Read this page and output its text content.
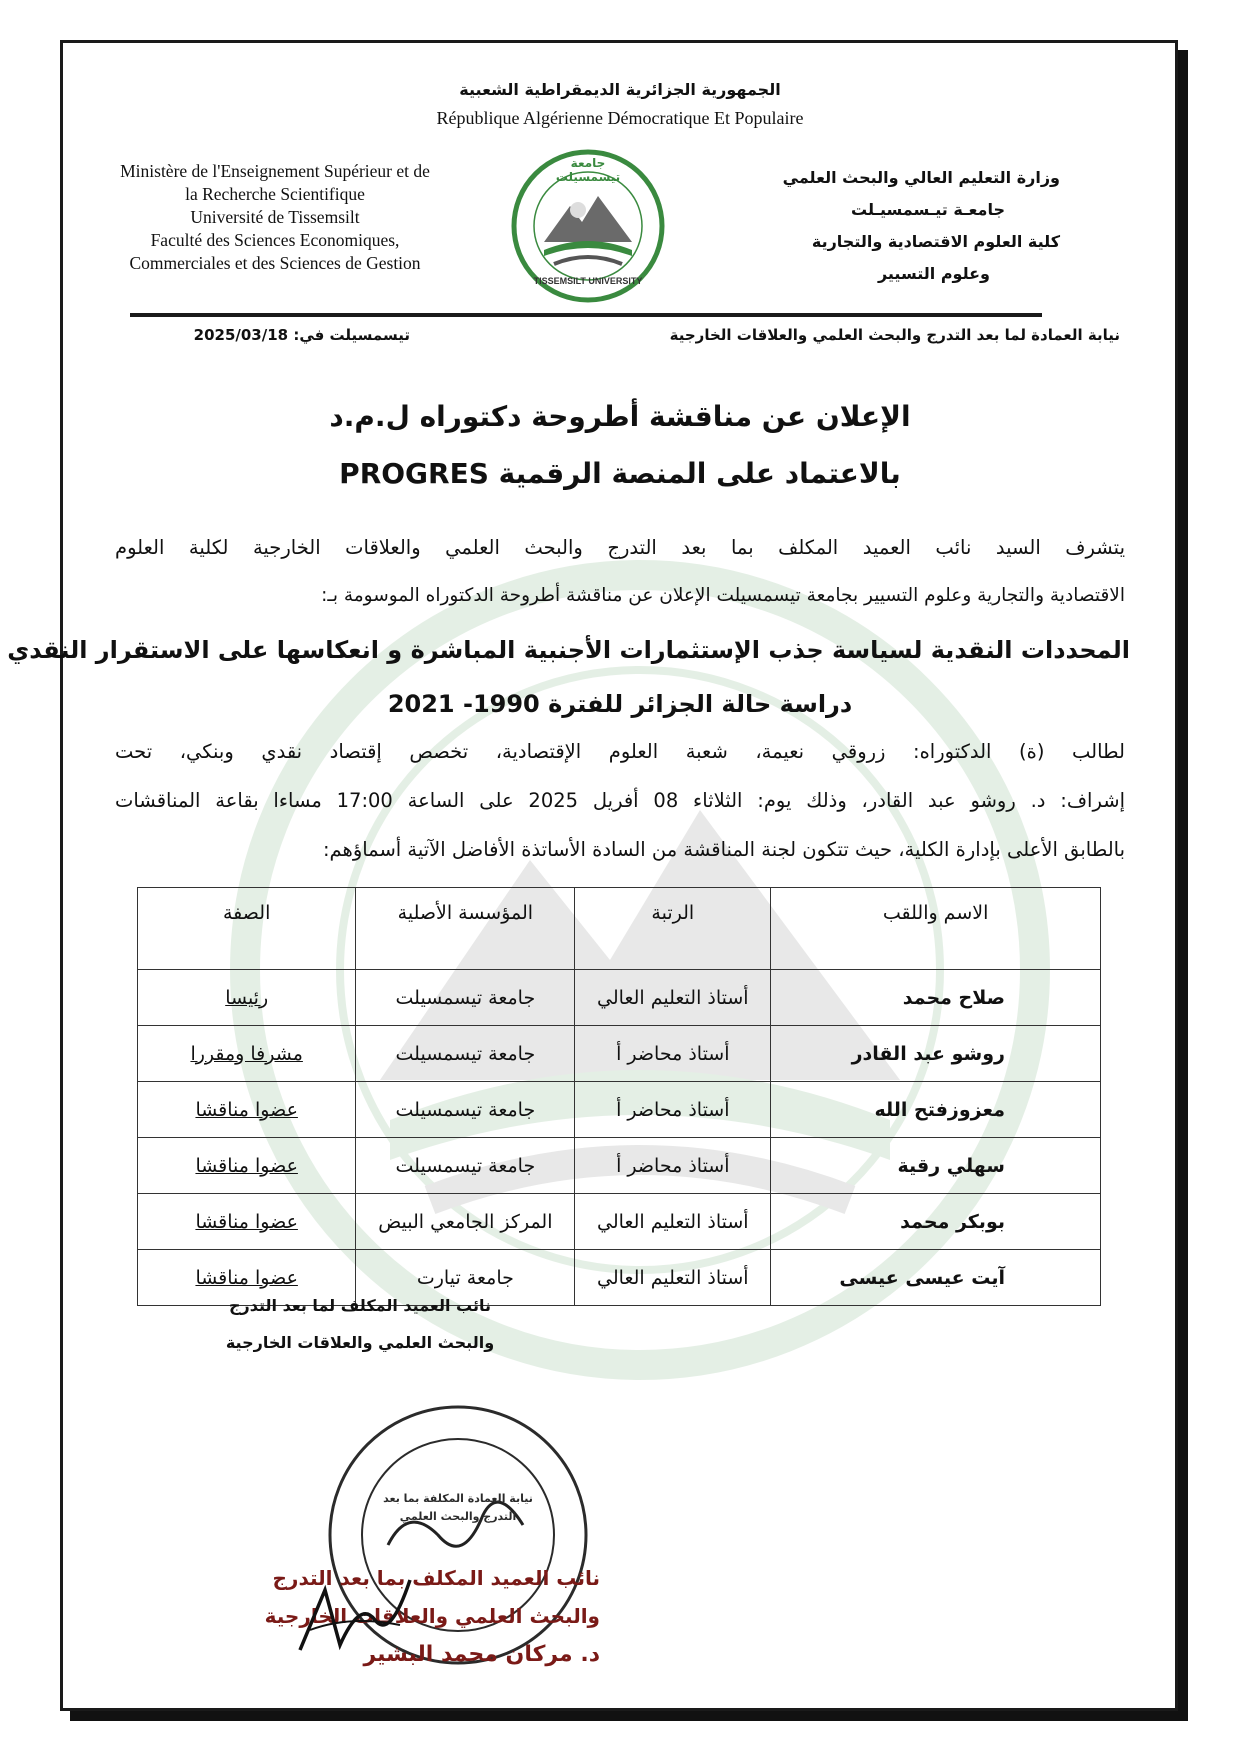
الجمهورية الجزائرية الديمقراطية الشعبية
République Algérienne Démocratique Et Populaire
Ministère de l'Enseignement Supérieur et de
la Recherche Scientifique
Université de Tissemsilt
Faculté des Sciences Economiques,
Commerciales et des Sciences de Gestion
جامعة تيسمسيلت
TISSEMSILT UNIVERSITY
وزارة التعليم العالي والبحث العلمي
جامعـة تيـسمسيـلت
كلية العلوم الاقتصادية والتجارية
وعلوم التسيير
نيابة العمادة لما بعد التدرج والبحث العلمي والعلاقات الخارجية
تيسمسيلت في: 2025/03/18
الإعلان عن مناقشة أطروحة دكتوراه ل.م.د
بالاعتماد على المنصة الرقمية PROGRES
يتشرف السيد نائب العميد المكلف بما بعد التدرج والبحث العلمي والعلاقات الخارجية لكلية العلوم
الاقتصادية والتجارية وعلوم التسيير بجامعة تيسمسيلت الإعلان عن مناقشة أطروحة الدكتوراه الموسومة بـ:
المحددات النقدية لسياسة جذب الإستثمارات الأجنبية المباشرة و انعكاسها على الاستقرار النقدي
دراسة حالة الجزائر للفترة 1990- 2021
لطالب (ة) الدكتوراه: زروقي نعيمة، شعبة العلوم الإقتصادية، تخصص إقتصاد نقدي وبنكي، تحت
إشراف: د. روشو عبد القادر، وذلك يوم: الثلاثاء 08 أفريل 2025 على الساعة 17:00 مساءا بقاعة المناقشات
بالطابق الأعلى بإدارة الكلية، حيث تتكون لجنة المناقشة من السادة الأساتذة الأفاضل الآتية أسماؤهم:
الاسم واللقب	الرتبة	المؤسسة الأصلية	الصفة
صلاح محمد	أستاذ التعليم العالي	جامعة تيسمسيلت	رئيسا
روشو عبد القادر	أستاذ محاضر أ	جامعة تيسمسيلت	مشرفا ومقررا
معزوزفتح الله	أستاذ محاضر أ	جامعة تيسمسيلت	عضوا مناقشا
سهلي رقية	أستاذ محاضر أ	جامعة تيسمسيلت	عضوا مناقشا
بوبكر محمد	أستاذ التعليم العالي	المركز الجامعي البيض	عضوا مناقشا
آيت عيسى عيسى	أستاذ التعليم العالي	جامعة تيارت	عضوا مناقشا
نائب العميد المكلف لما بعد التدرج
والبحث العلمي والعلاقات الخارجية
نيابة العمادة المكلفة بما بعد التدرج والبحث العلمي
نائب العميد المكلف بما بعد التدرج
والبحث العلمي والعلاقات الخارجية
د. مركان محمد البشير
